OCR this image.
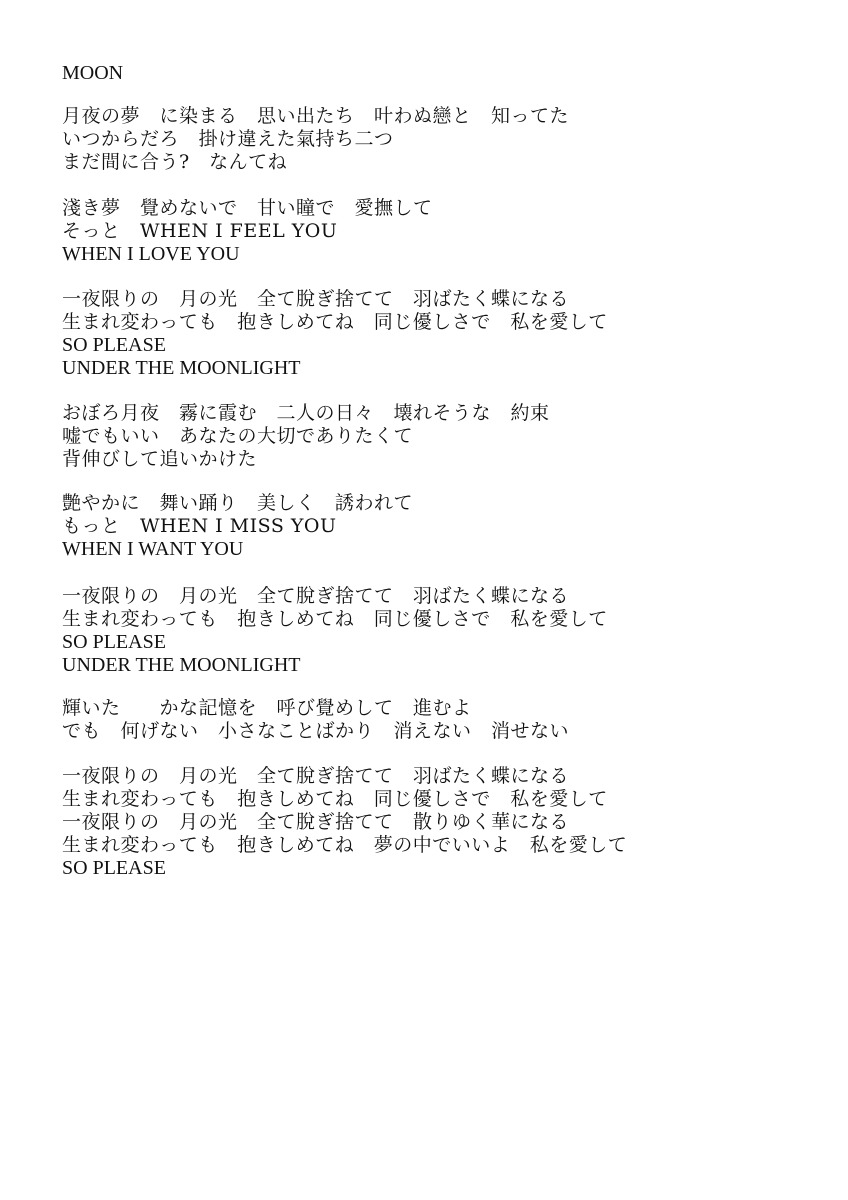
MOON
月夜の夢　に染まる　思い出たち　叶わぬ戀と　知ってた
いつからだろ　掛け違えた氣持ち二つ
まだ間に合う?　なんてね
淺き夢　覺めないで　甘い瞳で　愛撫して
そっと　WHEN I FEEL YOU
WHEN I LOVE YOU
一夜限りの　月の光　全て脫ぎ捨てて　羽ばたく蝶になる
生まれ変わっても　抱きしめてね　同じ優しさで　私を愛して
SO PLEASE
UNDER THE MOONLIGHT
おぼろ月夜　霧に霞む　二人の日々　壊れそうな　約束
嘘でもいい　あなたの大切でありたくて
背伸びして追いかけた
艶やかに　舞い踊り　美しく　誘われて
もっと　WHEN I MISS YOU
WHEN I WANT YOU
一夜限りの　月の光　全て脫ぎ捨てて　羽ばたく蝶になる
生まれ変わっても　抱きしめてね　同じ優しさで　私を愛して
SO PLEASE
UNDER THE MOONLIGHT
輝いた　　かな記憶を　呼び覺めして　進むよ
でも　何げない　小さなことばかり　消えない　消せない
一夜限りの　月の光　全て脫ぎ捨てて　羽ばたく蝶になる
生まれ変わっても　抱きしめてね　同じ優しさで　私を愛して
一夜限りの　月の光　全て脫ぎ捨てて　散りゆく華になる
生まれ変わっても　抱きしめてね　夢の中でいいよ　私を愛して
SO PLEASE
